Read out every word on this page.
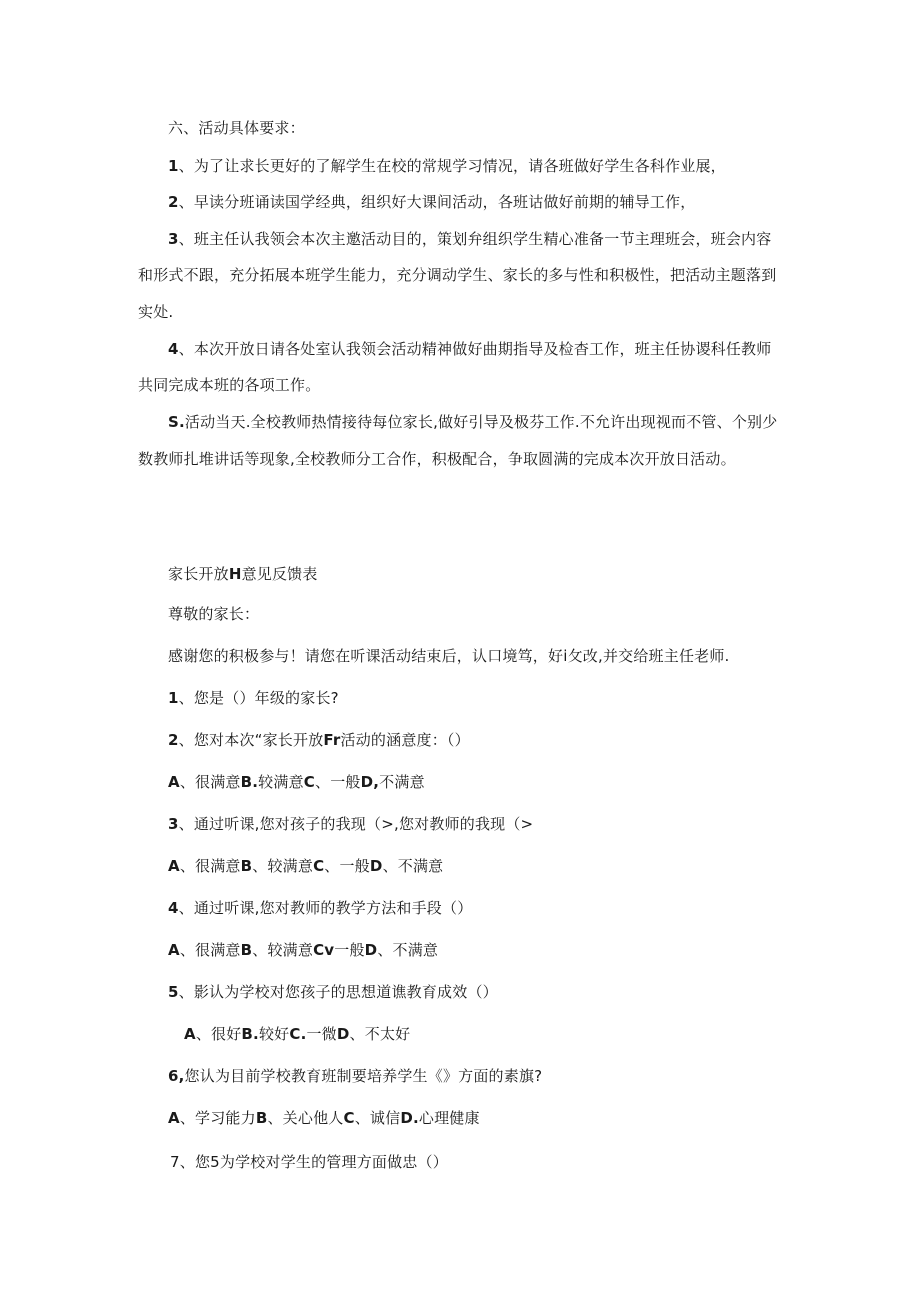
六、活动具体要求：
1、为了让求长更好的了解学生在校的常规学习情况，请各班做好学生各科作业展，
2、早读分班诵读国学经典，组织好大课间活动，各班诂做好前期的辅导工作，
3、班主任认我领会本次主邀活动目的，策划弁组织学生精心准备一节主理班会，班会内容
和形式不跟，充分拓展本班学生能力，充分调动学生、家长的多与性和积极性，把活动主题落到
实处.
4、本次开放日请各处室认我领会活动精神做好曲期指导及检杳工作，班主任协谡科任教师
共同完成本班的各项工作。
S.活动当天.全校教师热情接待每位家长,做好引导及极芬工作.不允许出现视而不管、个别少
数教师扎堆讲话等现象,全校教师分工合作，积极配合，争取圆满的完成本次开放日活动。
家长开放H意见反馈表
尊敬的家长：
感谢您的积极参与！请您在听课活动结束后，认口境笃，好i攵改,并交给班主任老师.
1、您是（）年级的家长?
2、您对本次“家长开放Fr活动的涵意度：（）
A、很满意B.较满意C、一般D,不满意
3、通过听课,您对孩子的我现（>,您对教师的我现（>
A、很满意B、较满意C、一般D、不满意
4、通过听课,您对教师的教学方法和手段（）
A、很满意B、较满意Cv一般D、不满意
5、影认为学校对您孩子的思想道谯教育成效（）
A、很好B.较好C.一微D、不太好
6,您认为目前学校教育班制要培养学生《》方面的素旗?
A、学习能力B、关心他人C、诚信D.心理健康
7、您5为学校对学生的管理方面做忠（）
